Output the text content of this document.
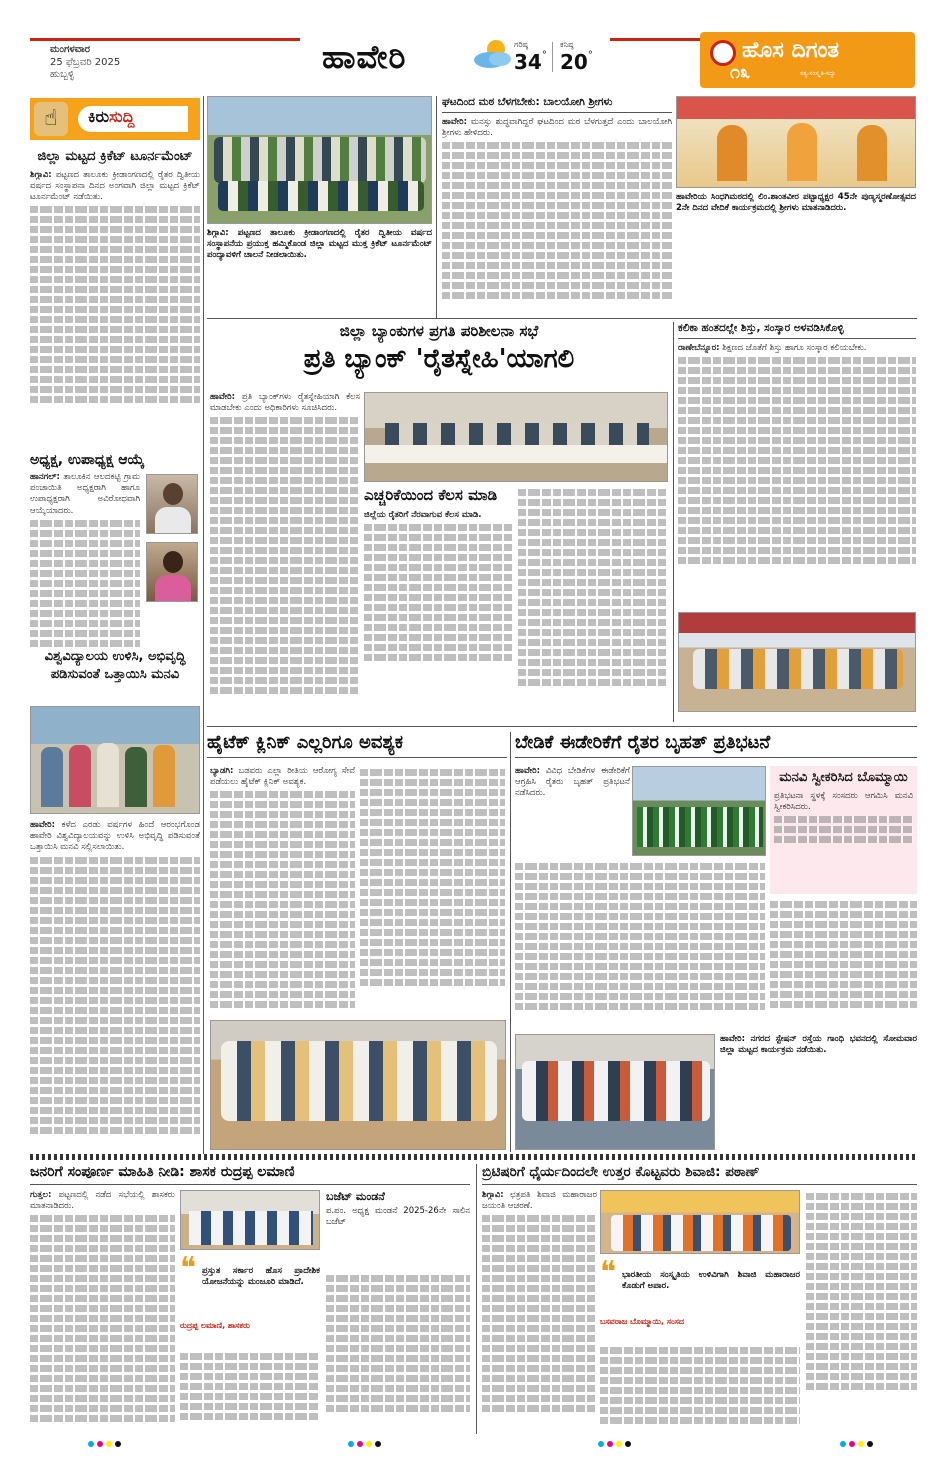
ಮಂಗಳವಾರ
25 ಫೆಬ್ರವರಿ 2025
ಹುಬ್ಬಳ್ಳಿ	ಹಾವೇರಿ	ಗರಿಷ್ಠ
34°
ಕನಿಷ್ಠ
20°	ಹೊಸ ದಿಗಂತ
ಸತ್ಯ-ಸಂಸ್ಕೃತಿ-ಸದ್ದು
೧೩
☝	ಕಿರುಸುದ್ದಿ
ಜಿಲ್ಲಾ ಮಟ್ಟದ ಕ್ರಿಕೆಟ್ ಟೂರ್ನಮೆಂಟ್
ಶಿಗ್ಗಾವಿ: ಪಟ್ಟಣದ ತಾಲೂಕು ಕ್ರೀಡಾಂಗಣದಲ್ಲಿ ರೈತರ ದ್ವಿತೀಯ ವರ್ಷದ ಸಂಸ್ಥಾಪನಾ ದಿನದ ಅಂಗವಾಗಿ ಜಿಲ್ಲಾ ಮಟ್ಟದ ಕ್ರಿಕೆಟ್ ಟೂರ್ನಮೆಂಟ್ ನಡೆಯಿತು.
ಅಧ್ಯಕ್ಷ, ಉಪಾಧ್ಯಕ್ಷ ಆಯ್ಕೆ
ಹಾನಗಲ್: ತಾಲೂಕಿನ ಆಲದಕಟ್ಟಿ ಗ್ರಾಮ ಪಂಚಾಯಿತಿ ಅಧ್ಯಕ್ಷರಾಗಿ ಹಾಗೂ ಉಪಾಧ್ಯಕ್ಷರಾಗಿ ಅವಿರೋಧವಾಗಿ ಆಯ್ಕೆಯಾದರು.
ವಿಶ್ವವಿದ್ಯಾಲಯ ಉಳಿಸಿ, ಅಭಿವೃದ್ಧಿ ಪಡಿಸುವಂತೆ ಒತ್ತಾಯಿಸಿ ಮನವಿ
ಹಾವೇರಿ: ಕಳೆದ ಎರಡು ವರ್ಷಗಳ ಹಿಂದೆ ಆರಂಭಗೊಂಡ ಹಾವೇರಿ ವಿಶ್ವವಿದ್ಯಾಲಯವನ್ನು ಉಳಿಸಿ ಅಭಿವೃದ್ಧಿ ಪಡಿಸುವಂತೆ ಒತ್ತಾಯಿಸಿ ಮನವಿ ಸಲ್ಲಿಸಲಾಯಿತು.
ಶಿಗ್ಗಾವಿ: ಪಟ್ಟಣದ ತಾಲೂಕು ಕ್ರೀಡಾಂಗಣದಲ್ಲಿ ರೈತರ ದ್ವಿತೀಯ ವರ್ಷದ ಸಂಸ್ಥಾಪನೆಯ ಪ್ರಯುಕ್ತ ಹಮ್ಮಿಕೊಂಡ ಜಿಲ್ಲಾ ಮಟ್ಟದ ಮುಕ್ತ ಕ್ರಿಕೆಟ್ ಟೂರ್ನಮೆಂಟ್ ಪಂದ್ಯಾವಳಿಗೆ ಚಾಲನೆ ನೀಡಲಾಯಿತು.
ಘಟದಿಂದ ಮಠ ಬೆಳಗಬೇಕು: ಬಾಲಯೋಗಿ ಶ್ರೀಗಳು
ಹಾವೇರಿ: ಮನಸ್ಸು ಶುದ್ಧವಾಗಿದ್ದರೆ ಘಟದಿಂದ ಮಠ ಬೆಳಗುತ್ತದೆ ಎಂದು ಬಾಲಯೋಗಿ ಶ್ರೀಗಳು ಹೇಳಿದರು.
ಹಾವೇರಿಯ ಸಿಂಧಗಿಮಠದಲ್ಲಿ ಲಿಂ.ಶಾಂತವೀರ ಪಟ್ಟಾಧ್ಯಕ್ಷರ 45ನೇ ಪುಣ್ಯಸ್ಮರಣೋತ್ಸವದ 2ನೇ ದಿನದ ವೇದಿಕೆ ಕಾರ್ಯಕ್ರಮದಲ್ಲಿ ಶ್ರೀಗಳು ಮಾತನಾಡಿದರು.
ಜಿಲ್ಲಾ ಬ್ಯಾಂಕುಗಳ ಪ್ರಗತಿ ಪರಿಶೀಲನಾ ಸಭೆ
ಪ್ರತಿ ಬ್ಯಾಂಕ್ 'ರೈತಸ್ನೇಹಿ'ಯಾಗಲಿ
ಹಾವೇರಿ: ಪ್ರತಿ ಬ್ಯಾಂಕ್‌ಗಳು ರೈತಸ್ನೇಹಿಯಾಗಿ ಕೆಲಸ ಮಾಡಬೇಕು ಎಂದು ಅಧಿಕಾರಿಗಳು ಸೂಚಿಸಿದರು.
ಎಚ್ಚರಿಕೆಯಿಂದ ಕೆಲಸ ಮಾಡಿ
ಜಿಲ್ಲೆಯ ರೈತರಿಗೆ ನೆರವಾಗುವ ಕೆಲಸ ಮಾಡಿ.
ಕಲಿಕಾ ಹಂತದಲ್ಲೇ ಶಿಸ್ತು, ಸಂಸ್ಕಾರ ಅಳವಡಿಸಿಕೊಳ್ಳಿ
ರಾಣೇಬೆನ್ನೂರ: ಶಿಕ್ಷಣದ ಜೊತೆಗೆ ಶಿಸ್ತು ಹಾಗೂ ಸಂಸ್ಕಾರ ಕಲಿಯಬೇಕು.
ಹೈಟೆಕ್ ಕ್ಲಿನಿಕ್ ಎಲ್ಲರಿಗೂ ಅವಶ್ಯಕ
ಬ್ಯಾಡಗಿ: ಬಡವರು ಎಲ್ಲಾ ರೀತಿಯ ಆರೋಗ್ಯ ಸೇವೆ ಪಡೆಯಲು ಹೈಟೆಕ್ ಕ್ಲಿನಿಕ್ ಅವಶ್ಯಕ.
ಬೇಡಿಕೆ ಈಡೇರಿಕೆಗೆ ರೈತರ ಬೃಹತ್ ಪ್ರತಿಭಟನೆ
ಹಾವೇರಿ: ವಿವಿಧ ಬೇಡಿಕೆಗಳ ಈಡೇರಿಕೆಗೆ ಆಗ್ರಹಿಸಿ ರೈತರು ಬೃಹತ್ ಪ್ರತಿಭಟನೆ ನಡೆಸಿದರು.
ಮನವಿ ಸ್ವೀಕರಿಸಿದ ಬೊಮ್ಮಾಯಿ
ಪ್ರತಿಭಟನಾ ಸ್ಥಳಕ್ಕೆ ಸಂಸದರು ಆಗಮಿಸಿ ಮನವಿ ಸ್ವೀಕರಿಸಿದರು.
ಹಾವೇರಿ: ನಗರದ ಸ್ಟೇಷನ್ ರಸ್ತೆಯ ಗಾಂಧಿ ಭವನದಲ್ಲಿ ಸೋಮವಾರ ಜಿಲ್ಲಾ ಮಟ್ಟದ ಕಾರ್ಯಕ್ರಮ ನಡೆಯಿತು.
ಜನರಿಗೆ ಸಂಪೂರ್ಣ ಮಾಹಿತಿ ನೀಡಿ: ಶಾಸಕ ರುದ್ರಪ್ಪ ಲಮಾಣಿ
ಗುತ್ತಲ: ಪಟ್ಟಣದಲ್ಲಿ ನಡೆದ ಸಭೆಯಲ್ಲಿ ಶಾಸಕರು ಮಾತನಾಡಿದರು.
❝ ಪ್ರಸ್ತುತ ಸರ್ಕಾರ ಹೊಸ ಪ್ರಾದೇಶಿಕ ಯೋಜನೆಯನ್ನು ಮಂಜೂರಿ ಮಾಡಿದೆ.
ರುದ್ರಪ್ಪ ಲಮಾಣಿ, ಶಾಸಕರು
ಬಜೆಟ್ ಮಂಡನೆ
ಪ.ಪಂ. ಅಧ್ಯಕ್ಷ ಮಂಡನೆ 2025-26ನೇ ಸಾಲಿನ ಬಜೆಟ್
ಬ್ರಿಟಿಷರಿಗೆ ಧೈರ್ಯದಿಂದಲೇ ಉತ್ತರ ಕೊಟ್ಟವರು ಶಿವಾಜಿ: ಪಠಾಣ್
ಶಿಗ್ಗಾವಿ: ಛತ್ರಪತಿ ಶಿವಾಜಿ ಮಹಾರಾಜರ ಜಯಂತಿ ಆಚರಣೆ.
❝ ಭಾರತೀಯ ಸಂಸ್ಕೃತಿಯ ಉಳಿವಿಗಾಗಿ ಶಿವಾಜಿ ಮಹಾರಾಜರ ಕೊಡುಗೆ ಅಪಾರ.
ಬಸವರಾಜ ಬೊಮ್ಮಾಯಿ, ಸಂಸದ
